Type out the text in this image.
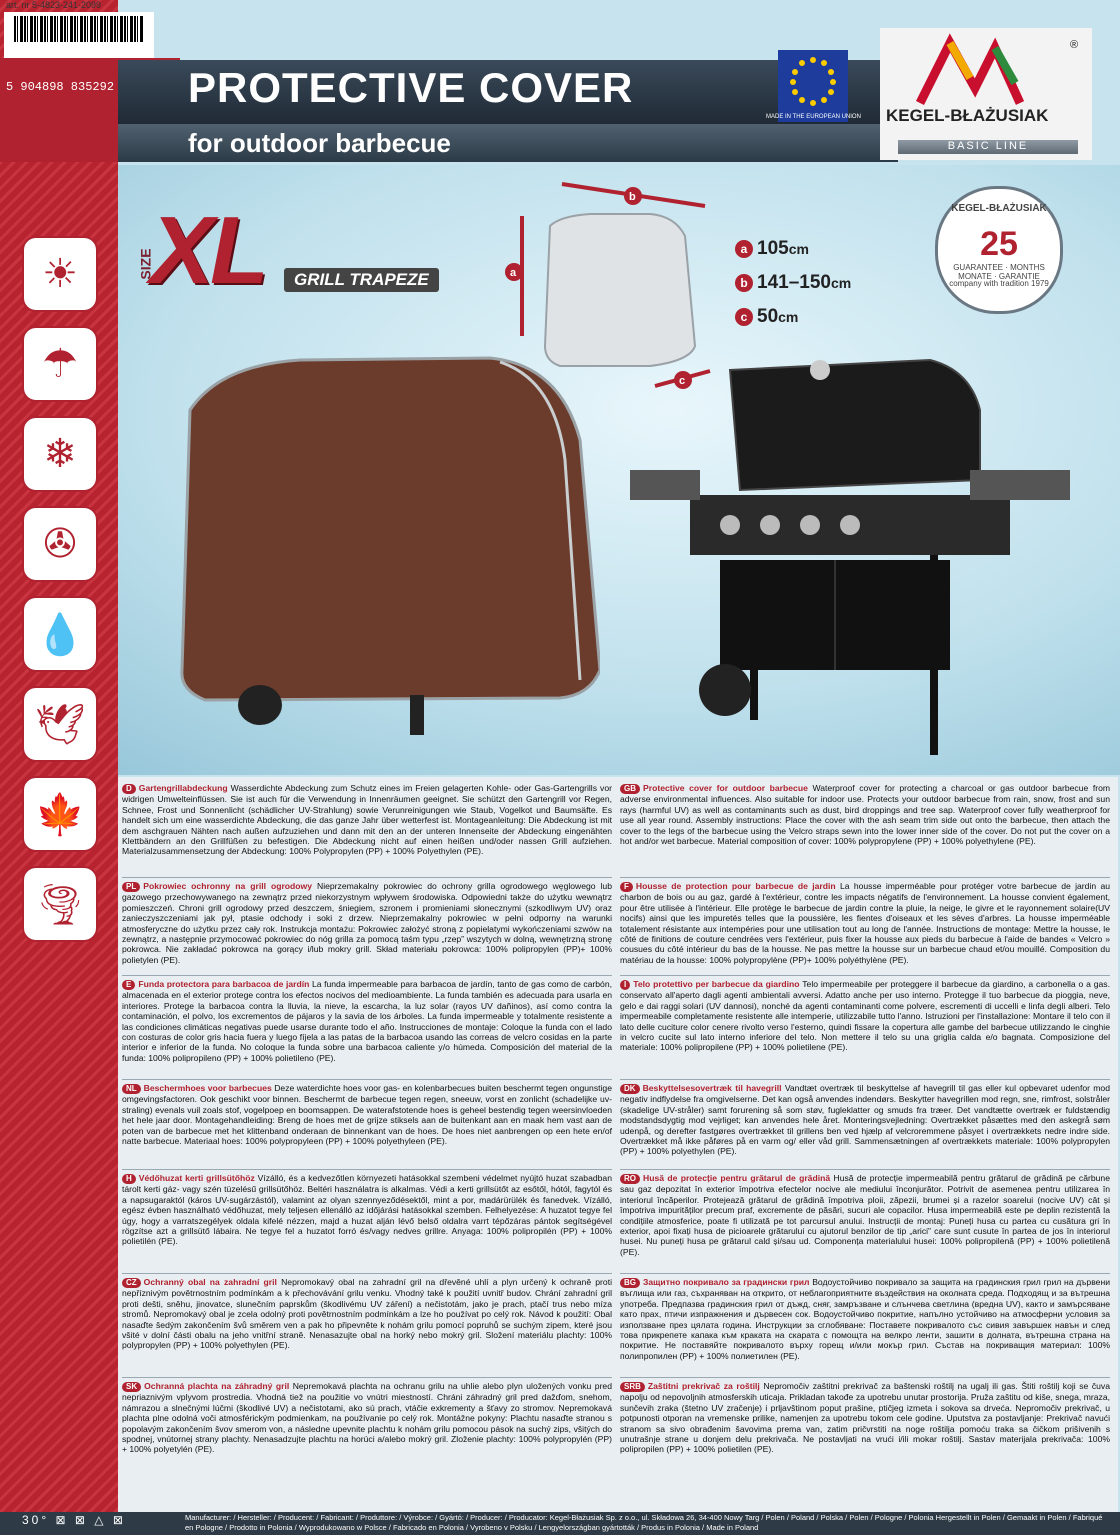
art. nr 5-4823-241-2099
5 904898 835292 PROTECTIVE COVER
for outdoor barbecue
MADE IN THE EUROPEAN UNION
®
KEGEL-BŁAŻUSIAK
BASIC LINE
☀
☂
❄
✇
💧
🕊
🍁
🌪
SIZE
XL	GRILL TRAPEZE
b
a
c
a 105 cm
b 141–150 cm
c 50 cm
KEGEL-BŁAŻUSIAK
25
GUARANTEE · MONTHS MONATE · GARANTIE
company with tradition 1979
D Gartengrillabdeckung Wasserdichte Abdeckung zum Schutz eines im Freien gelagerten Kohle- oder Gas-Gartengrills vor widrigen Umwelteinflüssen. Sie ist auch für die Verwendung in Innenräumen geeignet. Sie schützt den Gartengrill vor Regen, Schnee, Frost und Sonnenlicht (schädlicher UV-Strahlung) sowie Verunreinigungen wie Staub, Vogelkot und Baumsäfte. Es handelt sich um eine wasserdichte Abdeckung, die das ganze Jahr über wetterfest ist. Montageanleitung: Die Abdeckung ist mit dem aschgrauen Nähten nach außen aufzuziehen und dann mit den an der unteren Innenseite der Abdeckung eingenähten Klettbändern an den Grillfüßen zu befestigen. Die Abdeckung nicht auf einen heißen und/oder nassen Grill aufziehen. Materialzusammensetzung der Abdeckung: 100% Polypropylen (PP) + 100% Polyethylen (PE).
GB Protective cover for outdoor barbecue Waterproof cover for protecting a charcoal or gas outdoor barbecue from adverse environmental influences. Also suitable for indoor use. Protects your outdoor barbecue from rain, snow, frost and sun rays (harmful UV) as well as contaminants such as dust, bird droppings and tree sap. Waterproof cover fully weatherproof for use all year round. Assembly instructions: Place the cover with the ash seam trim side out onto the barbecue, then attach the cover to the legs of the barbecue using the Velcro straps sewn into the lower inner side of the cover. Do not put the cover on a hot and/or wet barbecue. Material composition of cover: 100% polypropylene (PP) + 100% polyethylene (PE).
PL Pokrowiec ochronny na grill ogrodowy Nieprzemakalny pokrowiec do ochrony grilla ogrodowego węglowego lub gazowego przechowywanego na zewnątrz przed niekorzystnym wpływem środowiska. Odpowiedni także do użytku wewnątrz pomieszczeń. Chroni grill ogrodowy przed deszczem, śniegiem, szronem i promieniami słonecznymi (szkodliwym UV) oraz zanieczyszczeniami jak pył, ptasie odchody i soki z drzew. Nieprzemakalny pokrowiec w pełni odporny na warunki atmosferyczne do użytku przez cały rok. Instrukcja montażu: Pokrowiec założyć stroną z popielatymi wykończeniami szwów na zewnątrz, a następnie przymocować pokrowiec do nóg grilla za pomocą taśm typu „rzep” wszytych w dolną, wewnętrzną stronę pokrowca. Nie zakładać pokrowca na gorący i/lub mokry grill. Skład materiału pokrowca: 100% polipropylen (PP)+ 100% polietylen (PE).
F Housse de protection pour barbecue de jardin La housse imperméable pour protéger votre barbecue de jardin au charbon de bois ou au gaz, gardé à l'extérieur, contre les impacts négatifs de l'environnement. La housse convient également, pour être utilisée à l'intérieur. Elle protège le barbecue de jardin contre la pluie, la neige, le givre et le rayonnement solaire(UV nocifs) ainsi que les impuretés telles que la poussière, les fientes d'oiseaux et les sèves d'arbres. La housse imperméable totalement résistante aux intempéries pour une utilisation tout au long de l'année. Instructions de montage: Mettre la housse, le côté de finitions de couture cendrées vers l'extérieur, puis fixer la housse aux pieds du barbecue à l'aide de bandes « Velcro » cousues du côté intérieur du bas de la housse. Ne pas mettre la housse sur un barbecue chaud et/ou mouillé. Composition du matériau de la housse: 100% polypropylène (PP)+ 100% polyéthylène (PE).
E Funda protectora para barbacoa de jardín La funda impermeable para barbacoa de jardín, tanto de gas como de carbón, almacenada en el exterior protege contra los efectos nocivos del medioambiente. La funda también es adecuada para usarla en interiores. Protege la barbacoa contra la lluvia, la nieve, la escarcha, la luz solar (rayos UV dañinos), así como contra la contaminación, el polvo, los excrementos de pájaros y la savia de los árboles. La funda impermeable y totalmente resistente a las condiciones climáticas negativas puede usarse durante todo el año. Instrucciones de montaje: Coloque la funda con el lado con costuras de color gris hacia fuera y luego fíjela a las patas de la barbacoa usando las correas de velcro cosidas en la parte interior e inferior de la funda. No coloque la funda sobre una barbacoa caliente y/o húmeda. Composición del material de la funda: 100% polipropileno (PP) + 100% polietileno (PE).
I Telo protettivo per barbecue da giardino Telo impermeabile per proteggere il barbecue da giardino, a carbonella o a gas. conservato all'aperto dagli agenti ambientali avversi. Adatto anche per uso interno. Protegge il tuo barbecue da pioggia, neve, gelo e dai raggi solari (UV dannosi), nonché da agenti contaminanti come polvere, escrementi di uccelli e linfa degli alberi. Telo impermeabile completamente resistente alle intemperie, utilizzabile tutto l'anno. Istruzioni per l'installazione: Montare il telo con il lato delle cuciture color cenere rivolto verso l'esterno, quindi fissare la copertura alle gambe del barbecue utilizzando le cinghie in velcro cucite sul lato interno inferiore del telo. Non mettere il telo su una griglia calda e/o bagnata. Composizione del materiale: 100% polipropilene (PP) + 100% polietilene (PE).
NL Beschermhoes voor barbecues Deze waterdichte hoes voor gas- en kolenbarbecues buiten beschermt tegen ongunstige omgevingsfactoren. Ook geschikt voor binnen. Beschermt de barbecue tegen regen, sneeuw, vorst en zonlicht (schadelijke uv-straling) evenals vuil zoals stof, vogelpoep en boomsappen. De waterafstotende hoes is geheel bestendig tegen weersinvloeden het hele jaar door. Montagehandleiding: Breng de hoes met de grijze stiksels aan de buitenkant aan en maak hem vast aan de poten van de barbecue met het klittenband onderaan de binnenkant van de hoes. De hoes niet aanbrengen op een hete en/of natte barbecue. Materiaal hoes: 100% polypropyleen (PP) + 100% polyethyleen (PE).
DK Beskyttelsesovertræk til havegrill Vandtæt overtræk til beskyttelse af havegrill til gas eller kul opbevaret udenfor mod negativ indflydelse fra omgivelserne. Det kan også anvendes indendørs. Beskytter havegrillen mod regn, sne, rimfrost, solstråler (skadelige UV-stråler) samt forurening så som støv, fugleklatter og smuds fra træer. Det vandtætte overtræk er fuldstændig modstandsdygtig mod vejrliget; kan anvendes hele året. Monteringsvejledning: Overtrækket påsættes med den askegrå søm udenpå, og derefter fastgøres overtrækket til grillens ben ved hjælp af velcroremmene påsyet i overtrækkets nedre indre side. Overtrækket må ikke påføres på en varm og/ eller våd grill. Sammensætningen af overtrækkets materiale: 100% polypropylen (PP) + 100% polyethylen (PE).
H Védőhuzat kerti grillsütőhöz Vízálló, és a kedvezőtlen környezeti hatásokkal szembeni védelmet nyújtó huzat szabadban tárolt kerti gáz- vagy szén tüzelésű grillsütőhöz. Beltéri használatra is alkalmas. Védi a kerti grillsütőt az esőtől, hótól, fagytól és a napsugaraktól (káros UV-sugárzástól), valamint az olyan szennyeződésektől, mint a por, madárürülék és fanedvek. Vízálló, egész évben használható védőhuzat, mely teljesen ellenálló az időjárási hatásokkal szemben. Felhelyezése: A huzatot tegye fel úgy, hogy a varratszegélyek oldala kifelé nézzen, majd a huzat alján lévő belső oldalra varrt tépőzáras pántok segítségével rögzítse azt a grillsütő lábaira. Ne tegye fel a huzatot forró és/vagy nedves grillre. Anyaga: 100% polipropilén (PP) + 100% polietilén (PE).
RO Husă de protecție pentru grătarul de grădină Husă de protecție impermeabilă pentru grătarul de grădină pe cărbune sau gaz depozitat în exterior împotriva efectelor nocive ale mediului înconjurător. Potrivit de asemenea pentru utilizarea în interiorul încăperilor. Protejează grătarul de grădină împotriva ploii, zăpezii, brumei și a razelor soarelui (nocive UV) cât și împotriva impurităților precum praf, excremente de păsări, sucuri ale copacilor. Husa impermeabilă este pe deplin rezistentă la condițiile atmosferice, poate fi utilizată pe tot parcursul anului. Instrucții de montaj: Puneți husa cu partea cu cusătura gri în exterior, apoi fixați husa de picioarele grătarului cu ajutorul benzilor de tip „arici” care sunt cusute în partea de jos în interiorul husei. Nu puneți husa pe grătarul cald și/sau ud. Componența materialului husei: 100% polipropilenă (PP) + 100% polietilenă (PE).
CZ Ochranný obal na zahradní gril Nepromokavý obal na zahradní gril na dřevěné uhlí a plyn určený k ochraně proti nepříznivým povětrnostním podmínkám a k přechovávání grilu venku. Vhodný také k použití uvnitř budov. Chrání zahradní gril proti dešti, sněhu, jinovatce, slunečním paprskům (škodlivému UV záření) a nečistotám, jako je prach, ptačí trus nebo míza stromů. Nepromokavý obal je zcela odolný proti povětrnostním podmínkám a lze ho používat po celý rok. Návod k použití: Obal nasaďte šedým zakončením švů směrem ven a pak ho připevněte k nohám grilu pomocí popruhů se suchým zipem, které jsou všité v dolní části obalu na jeho vnitřní straně. Nenasazujte obal na horký nebo mokrý gril. Složení materiálu plachty: 100% polypropylen (PP) + 100% polyethylen (PE).
BG Защитно покривало за градински грил Водоустойчиво покривало за защита на градинския грил грил на дървени въглища или газ, съхраняван на открито, от неблагоприятните въздействия на околната среда. Подходящ и за вътрешна употреба. Предпазва градинския грил от дъжд, сняг, замръзване и слънчева светлина (вредна UV), както и замърсяване като прах, птичи изпражнения и дървесен сок. Водоустойчиво покритие, напълно устойчиво на атмосферни условия за използване през цялата година. Инструкции за сглобяване: Поставете покривалото със сивия завършек навън и след това прикрепете капака към краката на скарата с помощта на велкро ленти, зашити в долната, вътрешна страна на покритие. Не поставяйте покривалото върху горещ и/или мокър грил. Състав на покриващия материал: 100% полипропилен (PP) + 100% полиетилен (PE).
SK Ochranná plachta na záhradný gril Nepremokavá plachta na ochranu grilu na uhlie alebo plyn uložených vonku pred nepriaznivým vplyvom prostredia. Vhodná tiež na použitie vo vnútri miestností. Chráni záhradný gril pred dažďom, snehom, námrazou a slnečnými lúčmi (škodlivé UV) a nečistotami, ako sú prach, vtáčie exkrementy a šťavy zo stromov. Nepremokavá plachta plne odolná voči atmosférickým podmienkam, na používanie po celý rok. Montážne pokyny: Plachtu nasaďte stranou s popolavým zakončením švov smerom von, a následne upevnite plachtu k nohám grilu pomocou pások na suchý zips, všitých do spodnej, vnútornej strany plachty. Nenasadzujte plachtu na horúci a/alebo mokrý gril. Zloženie plachty: 100% polypropylén (PP) + 100% polyetylén (PE).
SRB Zaštitni prekrivač za roštilj Nepromočiv zaštitni prekrivač za baštenski roštilj na ugalj ili gas. Štiti roštilj koji se čuva napolju od nepovoljnih atmosferskih uticaja. Prikladan takođe za upotrebu unutar prostorija. Pruža zaštitu od kiše, snega, mraza, sunčevih zraka (štetno UV zračenje) i prljavštinom poput prašine, ptičjeg izmeta i sokova sa drveća. Nepromočiv prekrivač, u potpunosti otporan na vremenske prilike, namenjen za upotrebu tokom cele godine. Uputstva za postavljanje: Prekrivač navući stranom sa sivo obrađenim šavovima prema van, zatim pričvrstiti na noge roštilja pomoću traka sa čičkom prišivenih s unutrašnje strane u donjem delu prekrivača. Ne postavljati na vrući i/ili mokar roštilj. Sastav materijala prekrivača: 100% polipropilen (PP) + 100% polietilen (PE).
30° ⊠ ⊠ △ ⊠	Manufacturer: / Hersteller: / Producent: / Fabricant: / Produttore: / Výrobce: / Gyártó: / Producer: / Producator: Kegel-Błażusiak Sp. z o.o., ul. Składowa 26, 34-400 Nowy Targ / Polen / Poland / Polska / Polen / Pologne / Polonia Hergestellt in Polen / Gemaakt in Polen / Fabriqué en Pologne / Prodotto in Polonia / Wyprodukowano w Polsce / Fabricado en Polonia / Vyrobeno v Polsku / Lengyelországban gyártották / Produs in Polonia / Made in Poland
